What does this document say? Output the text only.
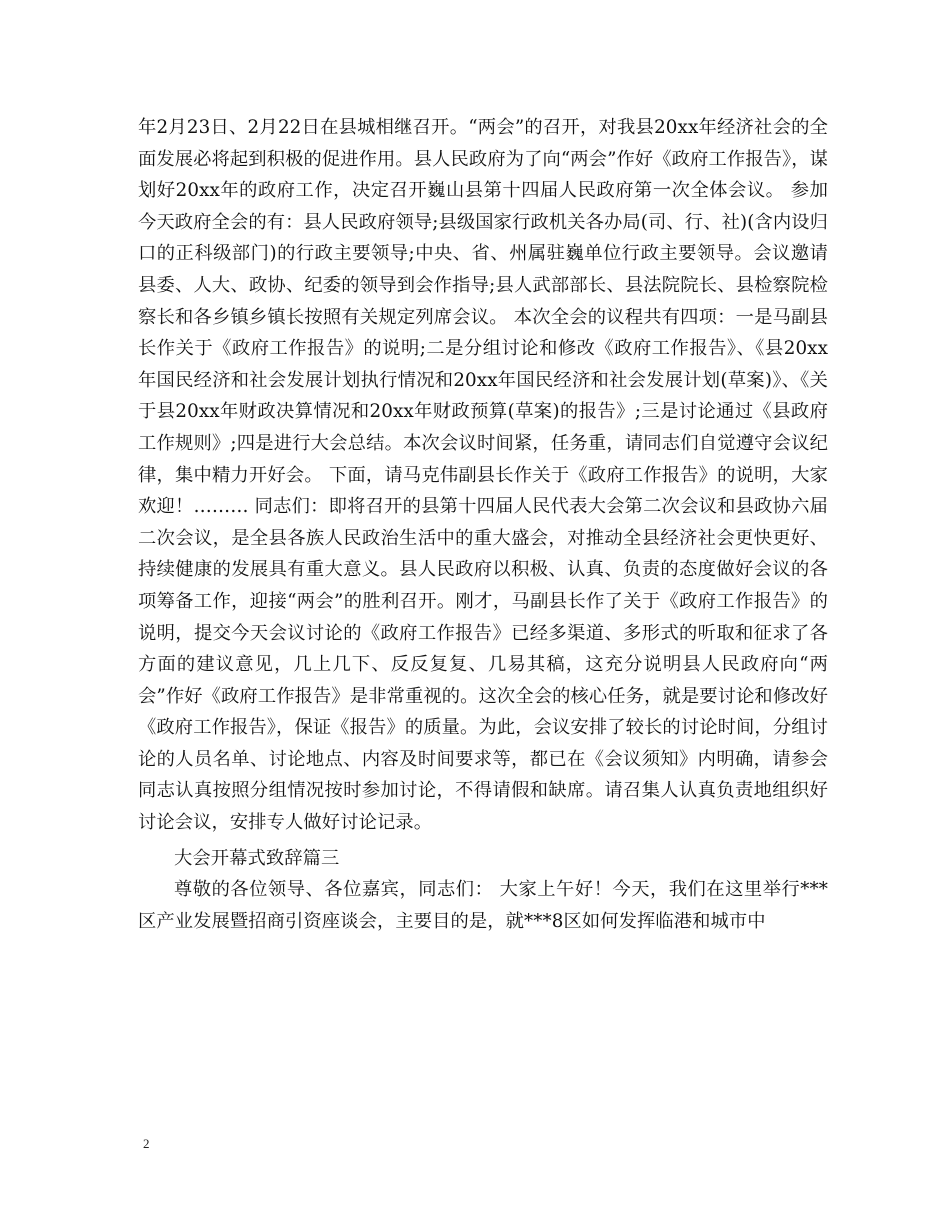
年2月23日、2月22日在县城相继召开。“两会”的召开，对我县20xx年经济社会的全面发展必将起到积极的促进作用。县人民政府为了向“两会”作好《政府工作报告》，谋划好20xx年的政府工作，决定召开巍山县第十四届人民政府第一次全体会议。 参加今天政府全会的有：县人民政府领导;县级国家行政机关各办局(司、行、社)(含内设归口的正科级部门)的行政主要领导;中央、省、州属驻巍单位行政主要领导。会议邀请县委、人大、政协、纪委的领导到会作指导;县人武部部长、县法院院长、县检察院检察长和各乡镇乡镇长按照有关规定列席会议。 本次全会的议程共有四项：一是马副县长作关于《政府工作报告》的说明;二是分组讨论和修改《政府工作报告》、《县20xx年国民经济和社会发展计划执行情况和20xx年国民经济和社会发展计划(草案)》、《关于县20xx年财政决算情况和20xx年财政预算(草案)的报告》;三是讨论通过《县政府工作规则》;四是进行大会总结。本次会议时间紧，任务重，请同志们自觉遵守会议纪律，集中精力开好会。 下面，请马克伟副县长作关于《政府工作报告》的说明，大家欢迎！……… 同志们：即将召开的县第十四届人民代表大会第二次会议和县政协六届二次会议，是全县各族人民政治生活中的重大盛会，对推动全县经济社会更快更好、持续健康的发展具有重大意义。县人民政府以积极、认真、负责的态度做好会议的各项筹备工作，迎接“两会”的胜利召开。刚才，马副县长作了关于《政府工作报告》的说明，提交今天会议讨论的《政府工作报告》已经多渠道、多形式的听取和征求了各方面的建议意见，几上几下、反反复复、几易其稿，这充分说明县人民政府向“两会”作好《政府工作报告》是非常重视的。这次全会的核心任务，就是要讨论和修改好《政府工作报告》，保证《报告》的质量。为此，会议安排了较长的讨论时间，分组讨论的人员名单、讨论地点、内容及时间要求等，都已在《会议须知》内明确，请参会同志认真按照分组情况按时参加讨论，不得请假和缺席。请召集人认真负责地组织好讨论会议，安排专人做好讨论记录。

大会开幕式致辞篇三

尊敬的各位领导、各位嘉宾，同志们： 大家上午好！今天，我们在这里举行***区产业发展暨招商引资座谈会，主要目的是，就***8区如何发挥临港和城市中

2
